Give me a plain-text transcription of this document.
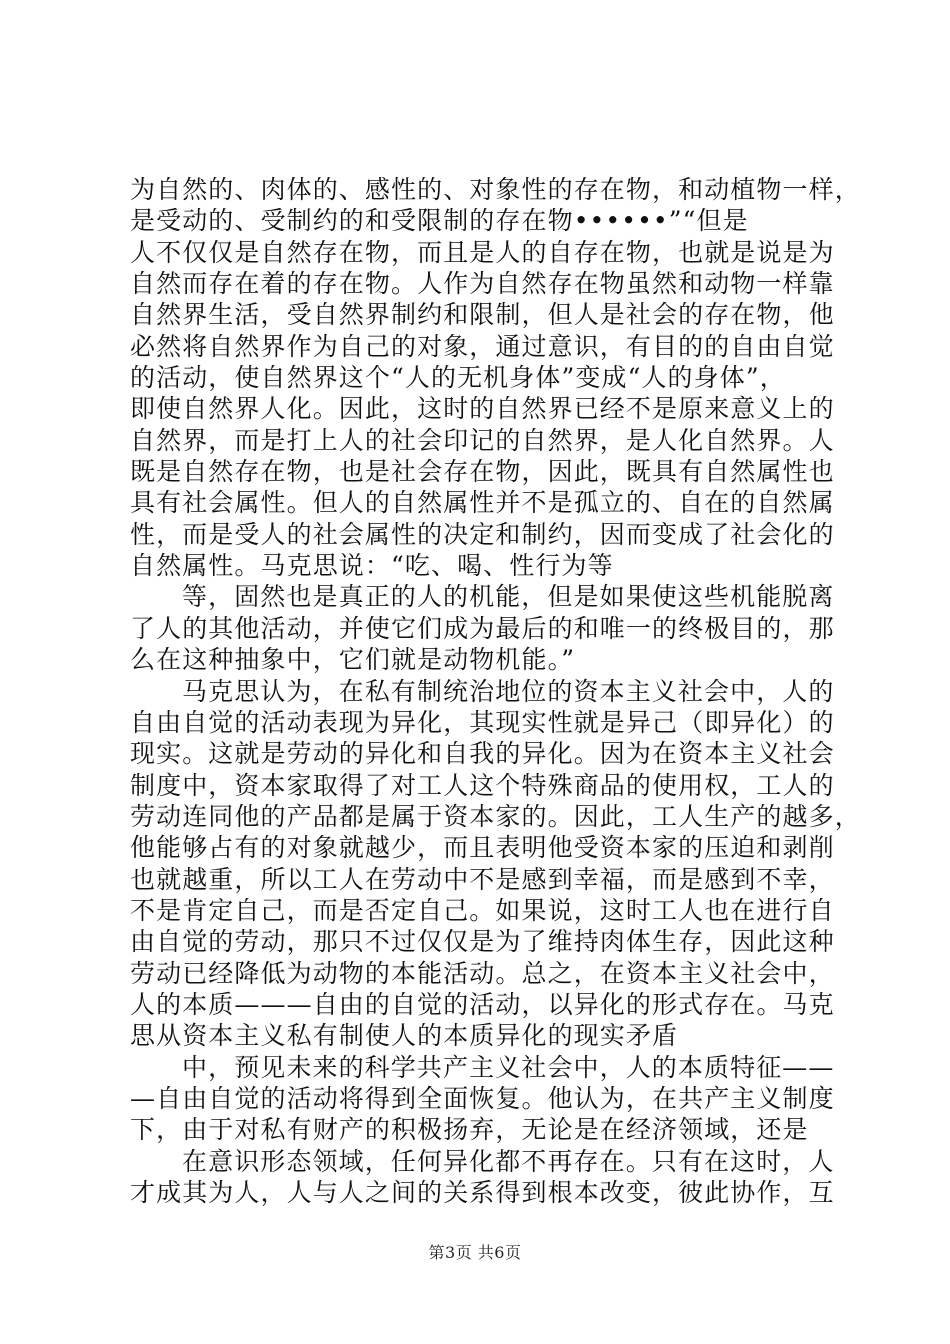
为自然的、肉体的、感性的、对象性的存在物，和动植物一样，
是受动的、受制约的和受限制的存在物••••••”“但是
人不仅仅是自然存在物，而且是人的自存在物，也就是说是为
自然而存在着的存在物。人作为自然存在物虽然和动物一样靠
自然界生活，受自然界制约和限制，但人是社会的存在物，他
必然将自然界作为自己的对象，通过意识，有目的的自由自觉
的活动，使自然界这个“人的无机身体”变成“人的身体”，
即使自然界人化。因此，这时的自然界已经不是原来意义上的
自然界，而是打上人的社会印记的自然界，是人化自然界。人
既是自然存在物，也是社会存在物，因此，既具有自然属性也
具有社会属性。但人的自然属性并不是孤立的、自在的自然属
性，而是受人的社会属性的决定和制约，因而变成了社会化的
自然属性。马克思说：“吃、喝、性行为等
等，固然也是真正的人的机能，但是如果使这些机能脱离
了人的其他活动，并使它们成为最后的和唯一的终极目的，那
么在这种抽象中，它们就是动物机能。”
马克思认为，在私有制统治地位的资本主义社会中，人的
自由自觉的活动表现为异化，其现实性就是异己（即异化）的
现实。这就是劳动的异化和自我的异化。因为在资本主义社会
制度中，资本家取得了对工人这个特殊商品的使用权，工人的
劳动连同他的产品都是属于资本家的。因此，工人生产的越多，
他能够占有的对象就越少，而且表明他受资本家的压迫和剥削
也就越重，所以工人在劳动中不是感到幸福，而是感到不幸，
不是肯定自己，而是否定自己。如果说，这时工人也在进行自
由自觉的劳动，那只不过仅仅是为了维持肉体生存，因此这种
劳动已经降低为动物的本能活动。总之，在资本主义社会中，
人的本质———自由的自觉的活动，以异化的形式存在。马克
思从资本主义私有制使人的本质异化的现实矛盾
中，预见未来的科学共产主义社会中，人的本质特征——
—自由自觉的活动将得到全面恢复。他认为，在共产主义制度
下，由于对私有财产的积极扬弃，无论是在经济领域，还是
在意识形态领域，任何异化都不再存在。只有在这时，人
才成其为人，人与人之间的关系得到根本改变，彼此协作，互
第3页 共6页
